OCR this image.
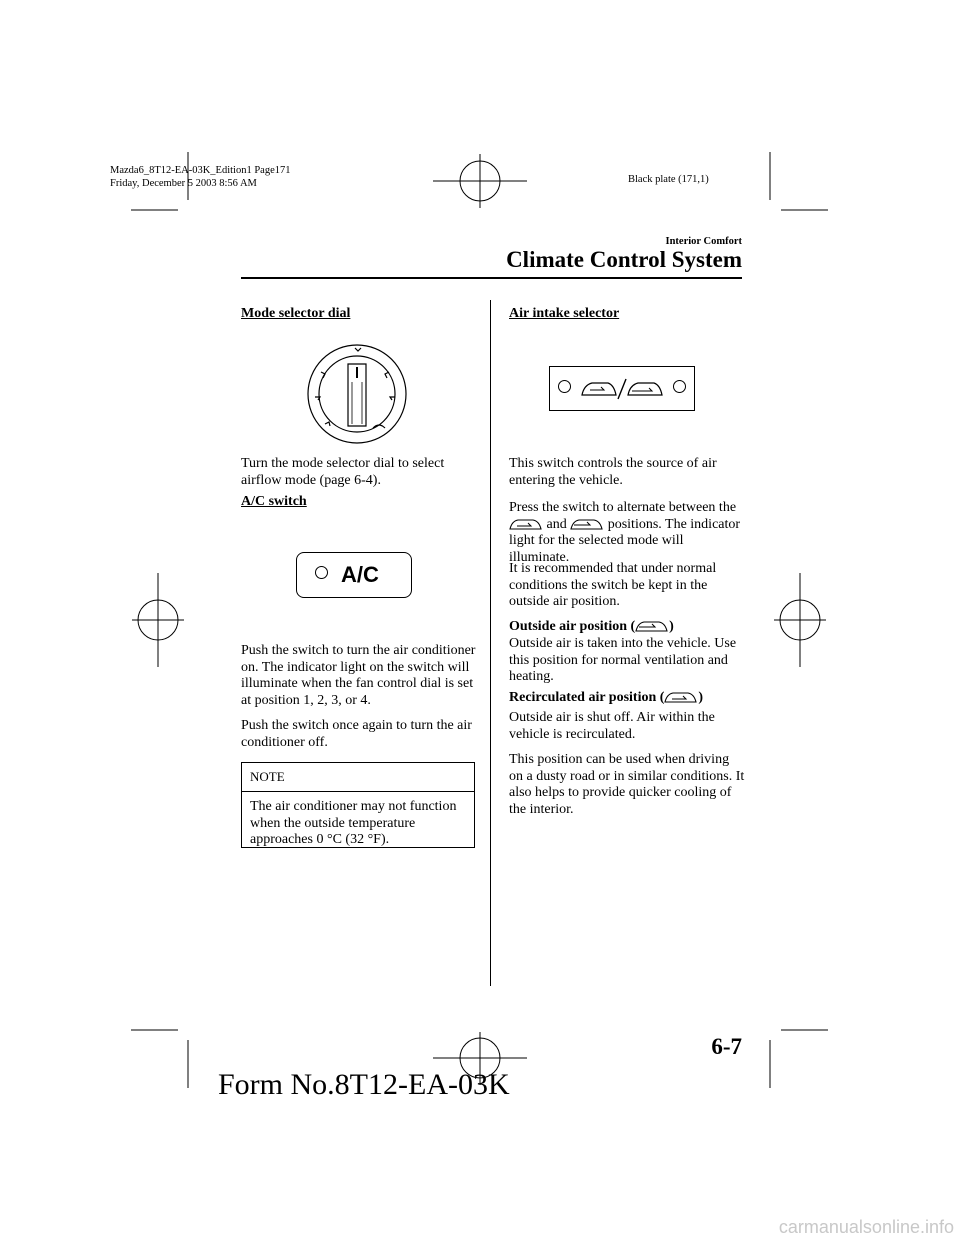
Mazda6_8T12-EA-03K_Edition1 Page171
Friday, December 5 2003 8:56 AM	Black plate (171,1)
Interior Comfort
Climate Control System
Mode selector dial
Turn the mode selector dial to select airflow mode (page 6-4).
A/C switch
A/C
Push the switch to turn the air conditioner on. The indicator light on the switch will illuminate when the fan control dial is set at position 1, 2, 3, or 4.
Push the switch once again to turn the air conditioner off.
NOTE
The air conditioner may not function when the outside temperature approaches 0 °C (32 °F).
Air intake selector
This switch controls the source of air entering the vehicle.
Press the switch to alternate between the
and	positions. The indicator light for the selected mode will illuminate.
It is recommended that under normal conditions the switch be kept in the outside air position.
Outside air position ( )
Outside air is taken into the vehicle. Use this position for normal ventilation and heating.
Recirculated air position ( )
Outside air is shut off. Air within the vehicle is recirculated.
This position can be used when driving on a dusty road or in similar conditions. It also helps to provide quicker cooling of the interior.
6-7
Form No.8T12-EA-03K
carmanualsonline.info
